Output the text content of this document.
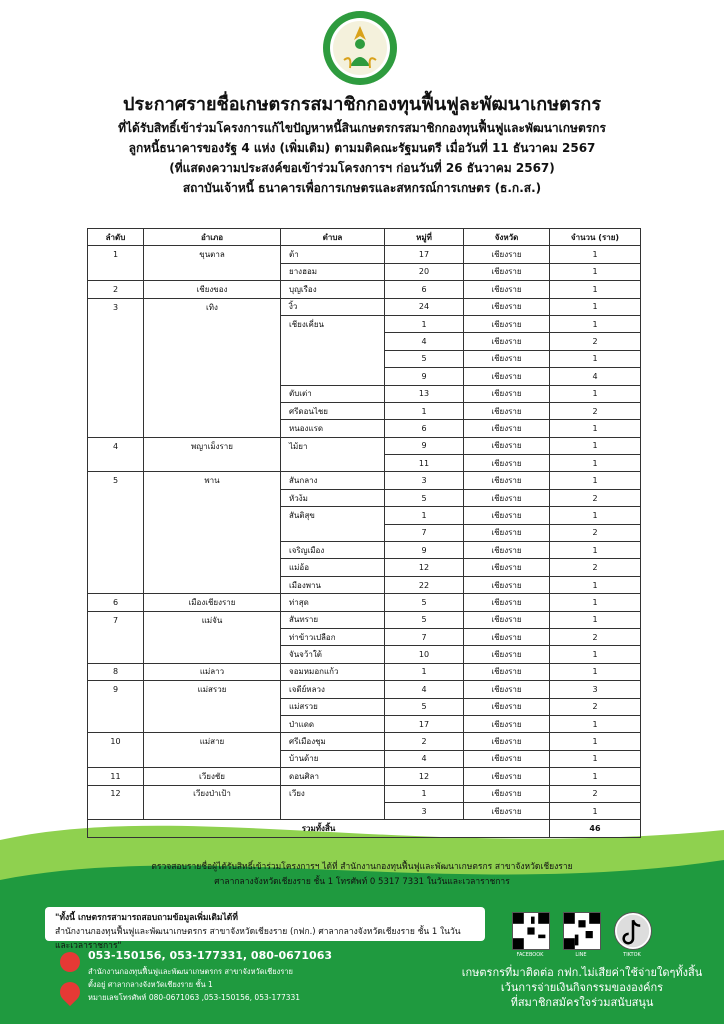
ประกาศรายชื่อเกษตรกรสมาชิกกองทุนฟื้นฟูละพัฒนาเกษตรกร

ที่ได้รับสิทธิ์เข้าร่วมโครงการแก้ไขปัญหาหนี้สินเกษตรกรสมาชิกกองทุนฟื้นฟูและพัฒนาเกษตรกร

ลูกหนี้ธนาคารของรัฐ 4 แห่ง (เพิ่มเติม) ตามมติคณะรัฐมนตรี เมื่อวันที่ 11 ธันวาคม 2567

(ที่แสดงความประสงค์ขอเข้าร่วมโครงการฯ ก่อนวันที่ 26 ธันวาคม 2567)

สถาบันเจ้าหนี้ ธนาคารเพื่อการเกษตรและสหกรณ์การเกษตร (ธ.ก.ส.)

ลำดับ	อำเภอ	ตำบล	หมู่ที่	จังหวัด	จำนวน (ราย)
1	ขุนตาล	ต้า	17	เชียงราย	1
		ยางฮอม	20	เชียงราย	1
2	เชียงของ	บุญเรือง	6	เชียงราย	1
3	เทิง	งิ้ว	24	เชียงราย	1
		เชียงเคี่ยน	1	เชียงราย	1
			4	เชียงราย	2
			5	เชียงราย	1
			9	เชียงราย	4
		ตับเต่า	13	เชียงราย	1
		ศรีดอนไชย	1	เชียงราย	2
		หนองแรด	6	เชียงราย	1
4	พญาเม็งราย	ไม้ยา	9	เชียงราย	1
			11	เชียงราย	1
5	พาน	สันกลาง	3	เชียงราย	1
		หัวง้ม	5	เชียงราย	2
		สันติสุข	1	เชียงราย	1
			7	เชียงราย	2
		เจริญเมือง	9	เชียงราย	1
		แม่อ้อ	12	เชียงราย	2
		เมืองพาน	22	เชียงราย	1
6	เมืองเชียงราย	ท่าสุด	5	เชียงราย	1
7	แม่จัน	สันทราย	5	เชียงราย	1
		ท่าข้าวเปลือก	7	เชียงราย	2
		จันจว้าใต้	10	เชียงราย	1
8	แม่ลาว	จอมหมอกแก้ว	1	เชียงราย	1
9	แม่สรวย	เจดีย์หลวง	4	เชียงราย	3
		แม่สรวย	5	เชียงราย	2
		ป่าแดด	17	เชียงราย	1
10	แม่สาย	ศรีเมืองชุม	2	เชียงราย	1
		บ้านด้าย	4	เชียงราย	1
11	เวียงชัย	ดอนศิลา	12	เชียงราย	1
12	เวียงป่าเป้า	เวียง	1	เชียงราย	2
			3	เชียงราย	1
รวมทั้งสิ้น					46
ตรวจสอบรายชื่อผู้ได้รับสิทธิ์เข้าร่วมโครงการฯ ได้ที่ สำนักงานกองทุนฟื้นฟูและพัฒนาเกษตรกร สาขาจังหวัดเชียงราย
ศาลากลางจังหวัดเชียงราย ชั้น 1 โทรศัพท์ 0 5317 7331 ในวันและเวลาราชการ
"ทั้งนี้ เกษตรกรสามารถสอบถามข้อมูลเพิ่มเติมได้ที่
สำนักงานกองทุนฟื้นฟูและพัฒนาเกษตรกร สาขาจังหวัดเชียงราย (กฟก.) ศาลากลางจังหวัดเชียงราย ชั้น 1 ในวันและเวลาราชการ"
053-150156, 053-177331, 080-0671063
สำนักงานกองทุนฟื้นฟูและพัฒนาเกษตรกร สาขาจังหวัดเชียงราย
ตั้งอยู่ ศาลากลางจังหวัดเชียงราย ชั้น 1
หมายเลขโทรศัพท์ 080-0671063 ,053-150156, 053-177331
FACEBOOK	LINE	TIKTOK
เกษตรกรที่มาติดต่อ กฟก.ไม่เสียค่าใช้จ่ายใดๆทั้งสิ้น
เว้นการจ่ายเงินกิจกรรมขององค์กร
ที่สมาชิกสมัครใจร่วมสนับสนุน
